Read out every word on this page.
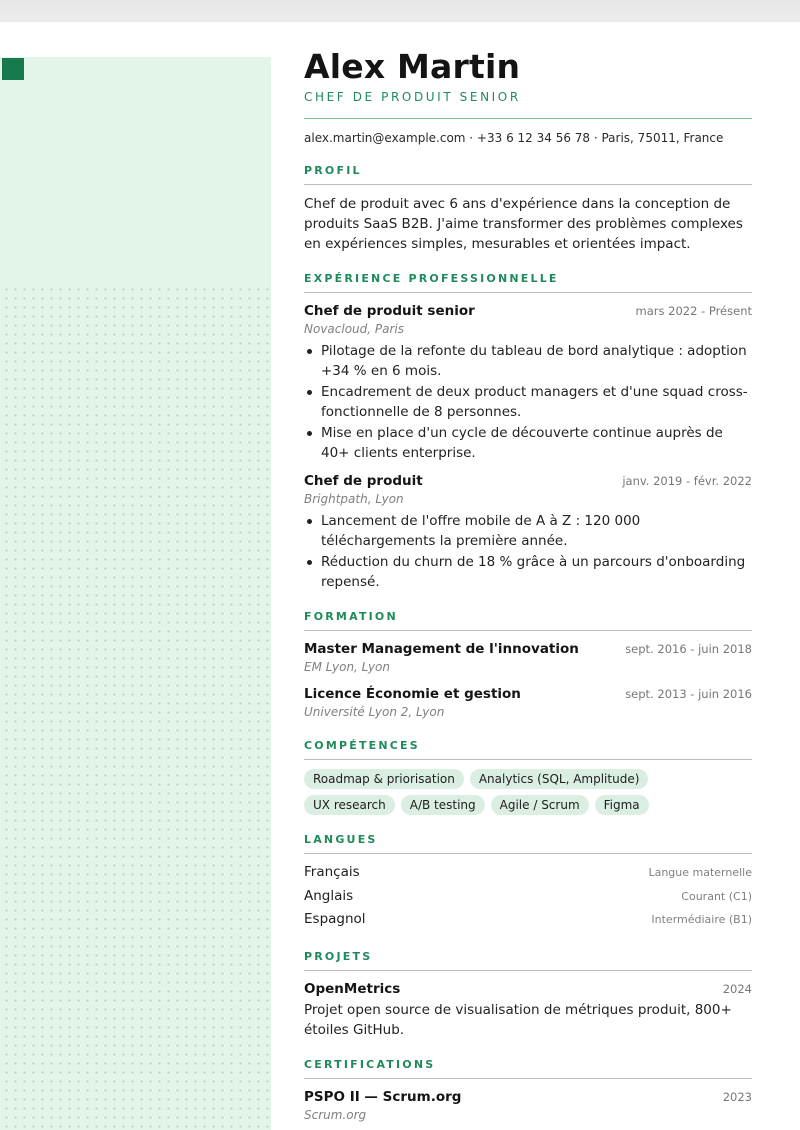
Alex Martin
CHEF DE PRODUIT SENIOR
alex.martin@example.com · +33 6 12 34 56 78 · Paris, 75011, France
PROFIL
Chef de produit avec 6 ans d'expérience dans la conception de produits SaaS B2B. J'aime transformer des problèmes complexes en expériences simples, mesurables et orientées impact.
EXPÉRIENCE PROFESSIONNELLE
Chef de produit senior	mars 2022 - Présent
Novacloud, Paris
Pilotage de la refonte du tableau de bord analytique : adoption +34 % en 6 mois.
Encadrement de deux product managers et d'une squad cross-fonctionnelle de 8 personnes.
Mise en place d'un cycle de découverte continue auprès de 40+ clients enterprise.
Chef de produit	janv. 2019 - févr. 2022
Brightpath, Lyon
Lancement de l'offre mobile de A à Z : 120 000 téléchargements la première année.
Réduction du churn de 18 % grâce à un parcours d'onboarding repensé.
FORMATION
Master Management de l'innovation	sept. 2016 - juin 2018
EM Lyon, Lyon
Licence Économie et gestion	sept. 2013 - juin 2016
Université Lyon 2, Lyon
COMPÉTENCES
Roadmap & priorisation	Analytics (SQL, Amplitude)
UX research	A/B testing	Agile / Scrum	Figma
LANGUES
Français	Langue maternelle
Anglais	Courant (C1)
Espagnol	Intermédiaire (B1)
PROJETS
OpenMetrics	2024
Projet open source de visualisation de métriques produit, 800+ étoiles GitHub.
CERTIFICATIONS
PSPO II — Scrum.org	2023
Scrum.org
